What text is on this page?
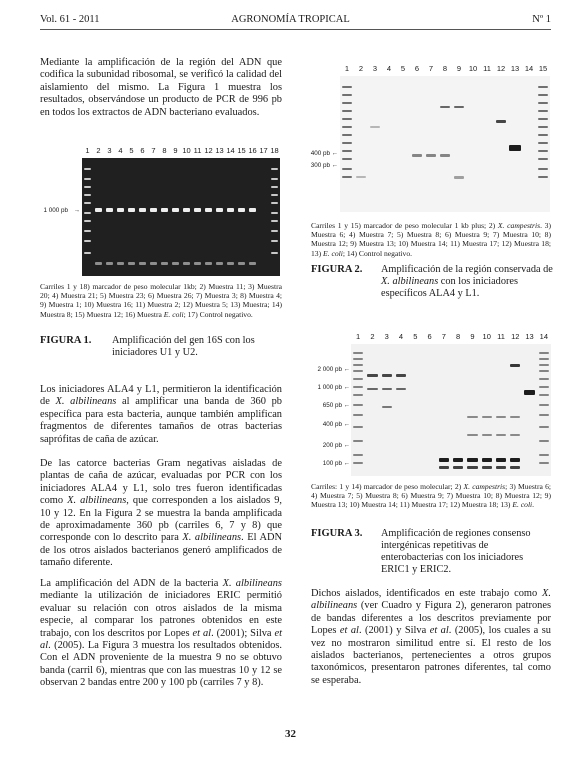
Vol. 61 - 2011	AGRONOMÍA TROPICAL	Nº 1

Mediante la amplificación de la región del ADN que codifica la subunidad ribosomal, se verificó la calidad del aislamiento del mismo. La Figura 1 muestra los resultados, observándose un producto de PCR de 996 pb en todos los extractos de ADN bacteriano evaluados.

1 2 3 4 5 6 7 8 9 10 11 12 13 14 15 16 17 18
1 000 pb →

Carriles 1 y 18) marcador de peso molecular 1kb; 2) Muestra 11; 3) Muestra 20; 4) Muestra 21; 5) Muestra 23; 6) Muestra 26; 7) Muestra 3; 8) Muestra 4; 9) Muestra 1; 10) Muestra 16; 11) Muestra 2; 12) Muestra 5; 13) Muestra; 14) Muestra 8; 15) Muestra 12; 16) Muestra E. coli; 17) Control negativo.

FIGURA 1. Amplificación del gen 16S con los iniciadores U1 y U2.

Los iniciadores ALA4 y L1, permitieron la identificación de X. albilineans al amplificar una banda de 360 pb específica para esta bacteria, aunque también amplifican fragmentos de diferentes tamaños de otras bacterias saprófitas de caña de azúcar.

De las catorce bacterias Gram negativas aisladas de plantas de caña de azúcar, evaluadas por PCR con los iniciadores ALA4 y L1, solo tres fueron identificadas como X. albilineans, que corresponden a los aislados 9, 10 y 12. En la Figura 2 se muestra la banda amplificada de aproximadamente 360 pb (carriles 6, 7 y 8) que corresponde con lo descrito para X. albilineans. El ADN de los otros aislados bacterianos generó amplificados de tamaño diferente.

La amplificación del ADN de la bacteria X. albilineans mediante la utilización de iniciadores ERIC permitió evaluar su relación con otros aislados de la misma especie, al comparar los patrones obtenidos en este trabajo, con los descritos por Lopes et al. (2001); Silva et al. (2005). La Figura 3 muestra los resultados obtenidos. Con el ADN proveniente de la muestra 9 no se obtuvo banda (carril 6), mientras que con las muestras 10 y 12 se observan 2 bandas entre 200 y 100 pb (carriles 7 y 8).

1	2	3	4	5	6	7	8	9	10 11 12 13 14 15
400 pb ←
300 pb ←

Carriles 1 y 15) marcador de peso molecular 1 kb plus; 2) X. campestris. 3) Muestra 6; 4) Muestra 7; 5) Muestra 8; 6) Muestra 9; 7) Muestra 10; 8) Muestra 12; 9) Muestra 13; 10) Muestra 14; 11) Muestra 17; 12) Muestra 18; 13) E. coli; 14) Control negativo.

FIGURA 2. Amplificación de la región conservada de X. albilineans con los iniciadores específicos ALA4 y L1.
1	2	3	4	5	6	7	8	9	10 11 12 13 14
2 000 pb ←
1 000 pb ←
650 pb ←
400 pb ←
200 pb ←
100 pb ←

Carriles: 1 y 14) marcador de peso molecular; 2) X. campestris; 3) Muestra 6; 4) Muestra 7; 5) Muestra 8; 6) Muestra 9; 7) Muestra 10; 8) Muestra 12; 9) Muestra 13; 10) Muestra 14; 11) Muestra 17; 12) Muestra 18; 13) E. coli.

FIGURA 3. Amplificación de regiones consenso intergénicas repetitivas de enterobacterias con los iniciadores ERIC1 y ERIC2.

Dichos aislados, identificados en este trabajo como X. albilineans (ver Cuadro y Figura 2), generaron patrones de bandas diferentes a los descritos previamente por Lopes et al. (2001) y Silva et al. (2005), los cuales a su vez no mostraron similitud entre sí. El resto de los aislados bacterianos, pertenecientes a otros grupos taxonómicos, presentaron patrones diferentes, tal como se esperaba.

32
